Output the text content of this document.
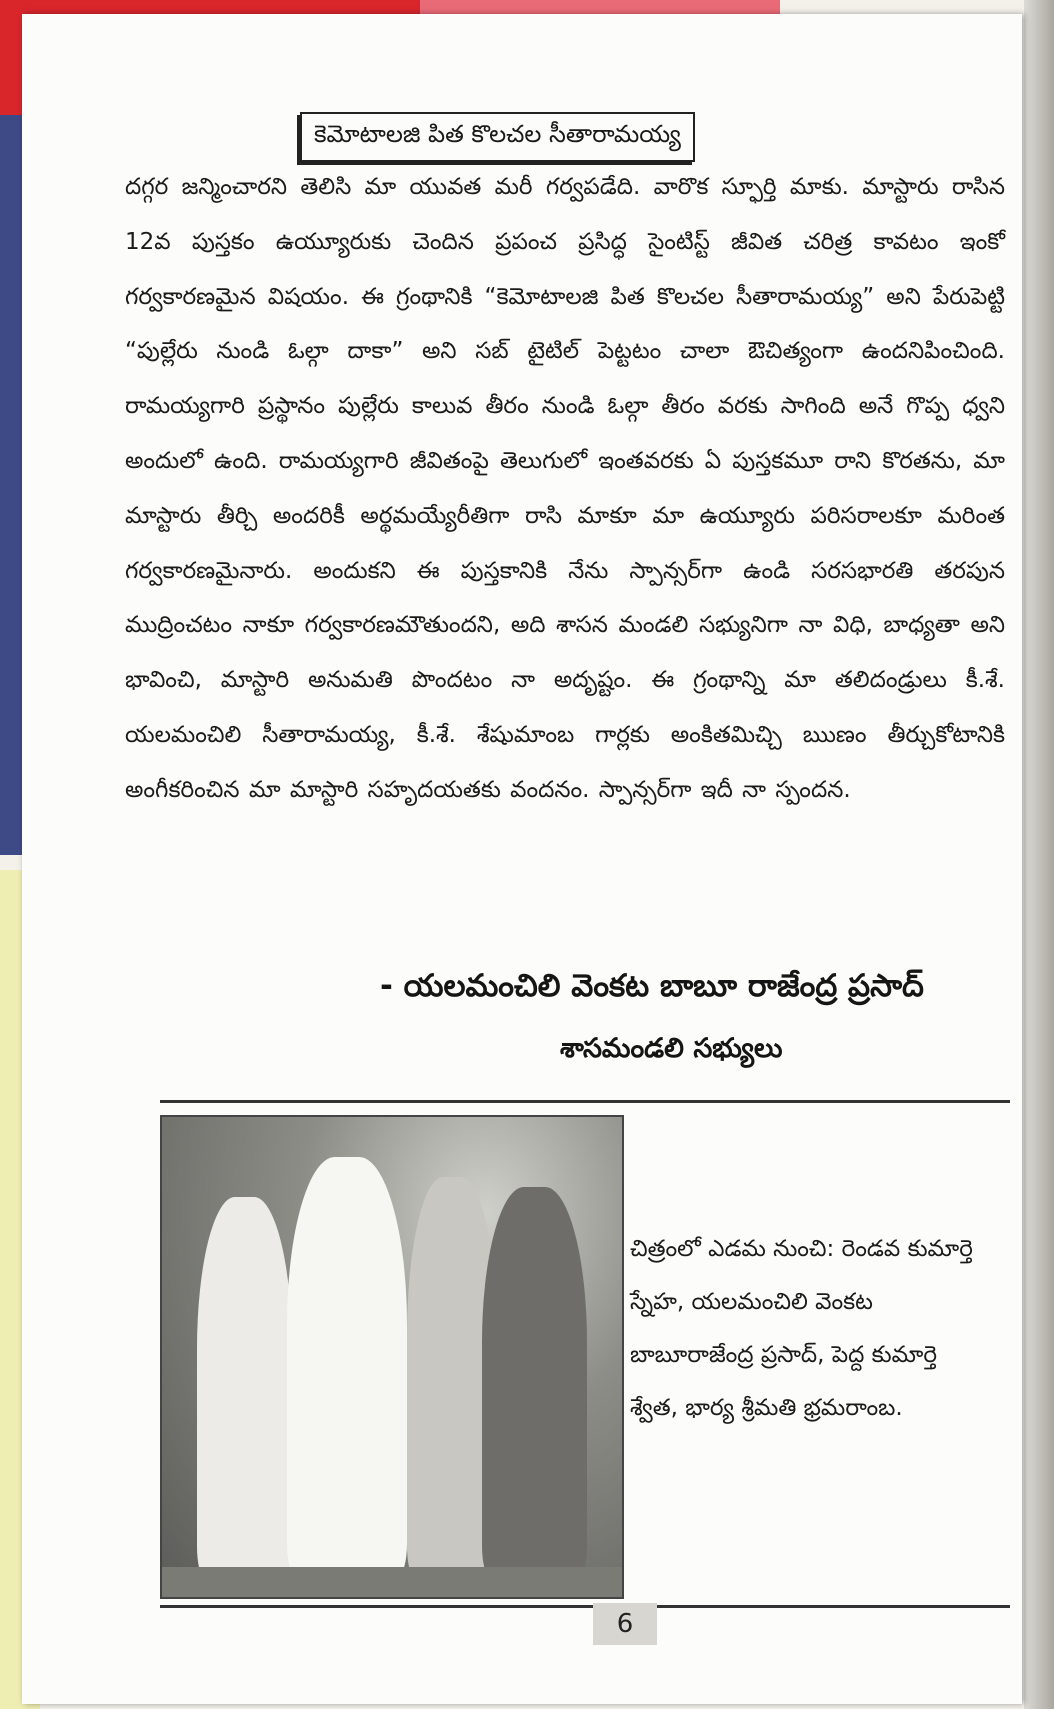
కెమోటాలజి పిత కొలచల సీతారామయ్య
దగ్గర జన్మించారని తెలిసి మా యువత మరీ గర్వపడేది. వారొక స్ఫూర్తి మాకు. మాస్టారు రాసిన 12వ పుస్తకం ఉయ్యూరుకు చెందిన ప్రపంచ ప్రసిద్ధ సైంటిస్ట్ జీవిత చరిత్ర కావటం ఇంకో గర్వకారణమైన విషయం. ఈ గ్రంథానికి “కెమోటాలజి పిత కొలచల సీతారామయ్య” అని పేరుపెట్టి “పుల్లేరు నుండి ఓల్గా దాకా” అని సబ్ టైటిల్ పెట్టటం చాలా ఔచిత్యంగా ఉందనిపించింది. రామయ్యగారి ప్రస్థానం పుల్లేరు కాలువ తీరం నుండి ఓల్గా తీరం వరకు సాగింది అనే గొప్ప ధ్వని అందులో ఉంది. రామయ్యగారి జీవితంపై తెలుగులో ఇంతవరకు ఏ పుస్తకమూ రాని కొరతను, మా మాస్టారు తీర్చి అందరికీ అర్థమయ్యేరీతిగా రాసి మాకూ మా ఉయ్యూరు పరిసరాలకూ మరింత గర్వకారణమైనారు. అందుకని ఈ పుస్తకానికి నేను స్పాన్సర్‌గా ఉండి సరసభారతి తరపున ముద్రించటం నాకూ గర్వకారణమౌతుందని, అది శాసన మండలి సభ్యునిగా నా విధి, బాధ్యతా అని భావించి, మాస్టారి అనుమతి పొందటం నా అదృష్టం. ఈ గ్రంథాన్ని మా తలిదండ్రులు కీ.శే. యలమంచిలి సీతారామయ్య, కీ.శే. శేషుమాంబ గార్లకు అంకితమిచ్చి ఋణం తీర్చుకోటానికి అంగీకరించిన మా మాస్టారి సహృదయతకు వందనం. స్పాన్సర్‌గా ఇదీ నా స్పందన.
- యలమంచిలి వెంకట బాబూ రాజేంద్ర ప్రసాద్
శాసమండలి సభ్యులు
చిత్రంలో ఎడమ నుంచి: రెండవ కుమార్తె స్నేహ, యలమంచిలి వెంకట బాబూరాజేంద్ర ప్రసాద్, పెద్ద కుమార్తె శ్వేత, భార్య శ్రీమతి భ్రమరాంబ.
6
